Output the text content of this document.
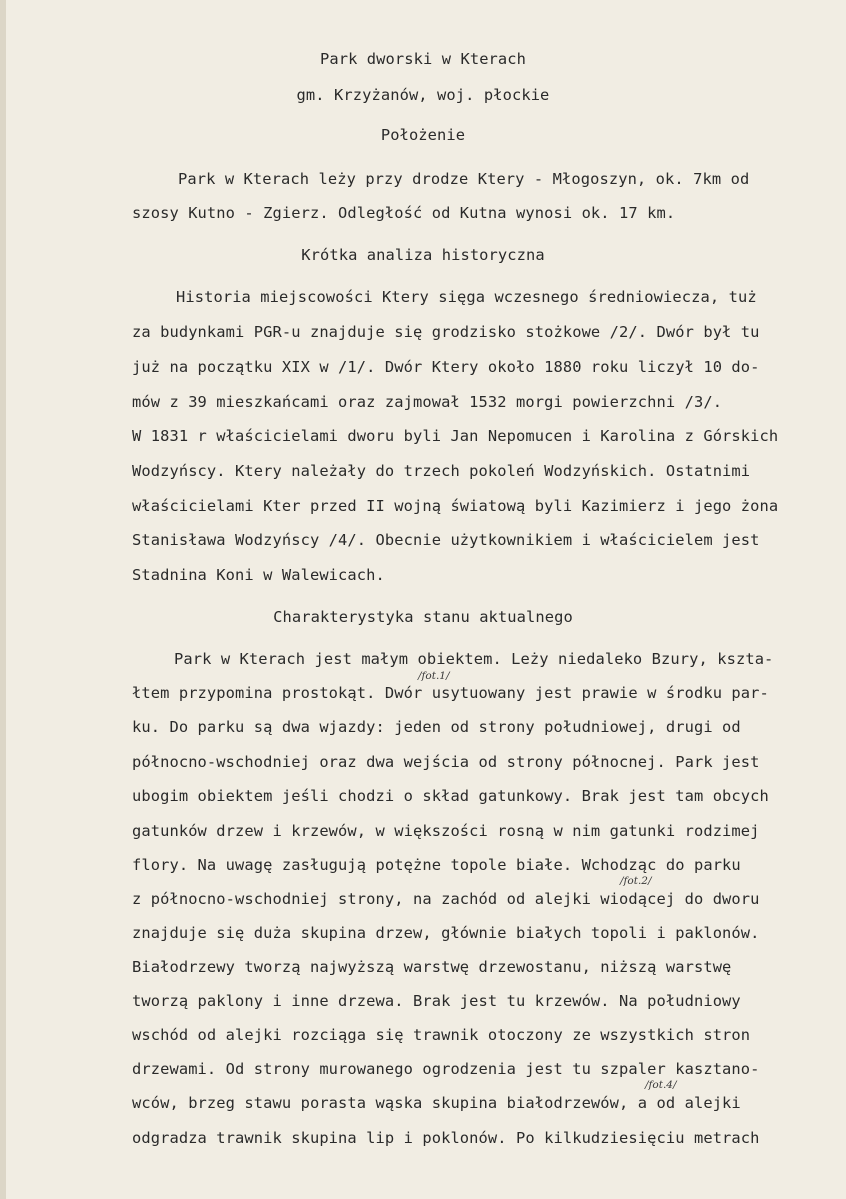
Park dworski w Kterach
gm. Krzyżanów, woj. płockie
Położenie
Park w Kterach leży przy drodze Ktery - Młogoszyn, ok. 7km od
szosy Kutno - Zgierz. Odległość od Kutna wynosi ok. 17 km.
Krótka analiza historyczna
Historia miejscowości Ktery sięga wczesnego średniowiecza, tuż
za budynkami PGR-u znajduje się grodzisko stożkowe /2/. Dwór był tu
już na początku XIX w /1/. Dwór Ktery około 1880 roku liczył 10 do-
mów z 39 mieszkańcami oraz zajmował 1532 morgi powierzchni /3/.
W 1831 r właścicielami dworu byli Jan Nepomucen i Karolina z Górskich
Wodzyńscy. Ktery należały do trzech pokoleń Wodzyńskich. Ostatnimi
właścicielami Kter przed II wojną światową byli Kazimierz i jego żona
Stanisława Wodzyńscy /4/. Obecnie użytkownikiem i właścicielem jest
Stadnina Koni w Walewicach.
Charakterystyka stanu aktualnego
Park w Kterach jest małym obiektem. Leży niedaleko Bzury, kszta-
łtem przypomina prostokąt. Dwór usytuowany jest prawie w środku par-
ku. Do parku są dwa wjazdy: jeden od strony południowej, drugi od
północno-wschodniej oraz dwa wejścia od strony północnej. Park jest
ubogim obiektem jeśli chodzi o skład gatunkowy. Brak jest tam obcych
gatunków drzew i krzewów, w większości rosną w nim gatunki rodzimej
flory. Na uwagę zasługują potężne topole białe. Wchodząc do parku
z północno-wschodniej strony, na zachód od alejki wiodącej do dworu
znajduje się duża skupina drzew, głównie białych topoli i paklonów.
Białodrzewy tworzą najwyższą warstwę drzewostanu, niższą warstwę
tworzą paklony i inne drzewa. Brak jest tu krzewów. Na południowy
wschód od alejki rozciąga się trawnik otoczony ze wszystkich stron
drzewami. Od strony murowanego ogrodzenia jest tu szpaler kasztano-
wców, brzeg stawu porasta wąska skupina białodrzewów, a od alejki
odgradza trawnik skupina lip i poklonów. Po kilkudziesięciu metrach
/fot.1/
/fot.2/
/fot.4/
